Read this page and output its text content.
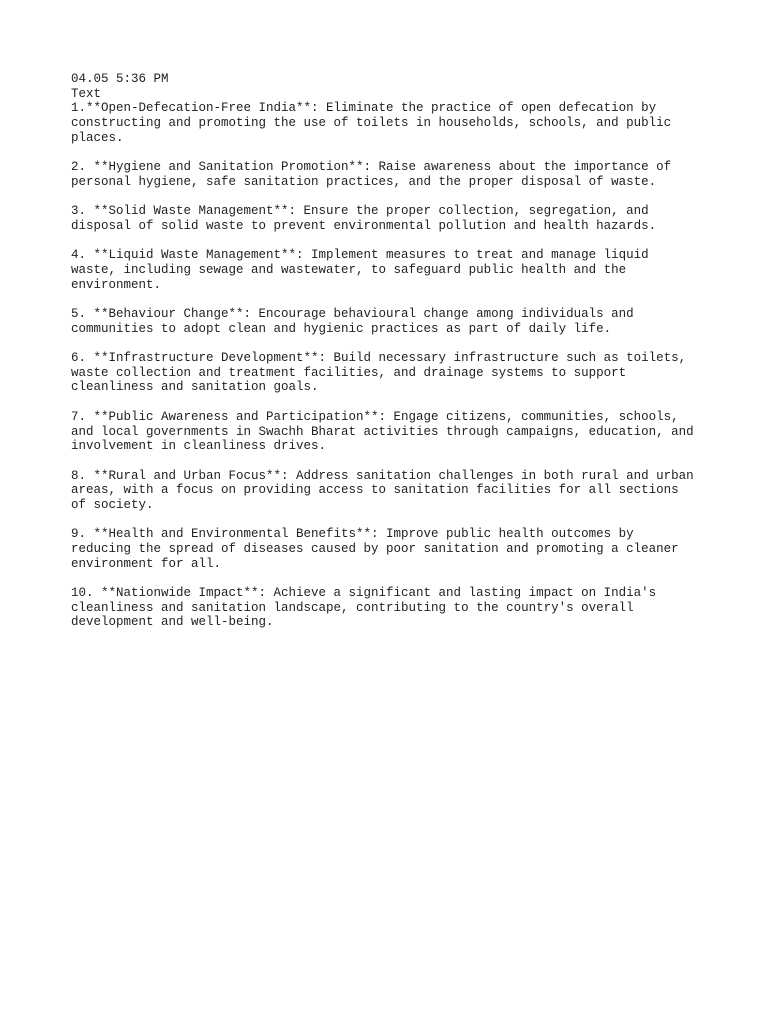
04.05 5:36 PM
Text
1.**Open-Defecation-Free India**: Eliminate the practice of open defecation by
constructing and promoting the use of toilets in households, schools, and public
places.
2. **Hygiene and Sanitation Promotion**: Raise awareness about the importance of
personal hygiene, safe sanitation practices, and the proper disposal of waste.
3. **Solid Waste Management**: Ensure the proper collection, segregation, and
disposal of solid waste to prevent environmental pollution and health hazards.
4. **Liquid Waste Management**: Implement measures to treat and manage liquid
waste, including sewage and wastewater, to safeguard public health and the
environment.
5. **Behaviour Change**: Encourage behavioural change among individuals and
communities to adopt clean and hygienic practices as part of daily life.
6. **Infrastructure Development**: Build necessary infrastructure such as toilets,
waste collection and treatment facilities, and drainage systems to support
cleanliness and sanitation goals.
7. **Public Awareness and Participation**: Engage citizens, communities, schools,
and local governments in Swachh Bharat activities through campaigns, education, and
involvement in cleanliness drives.
8. **Rural and Urban Focus**: Address sanitation challenges in both rural and urban
areas, with a focus on providing access to sanitation facilities for all sections
of society.
9. **Health and Environmental Benefits**: Improve public health outcomes by
reducing the spread of diseases caused by poor sanitation and promoting a cleaner
environment for all.
10. **Nationwide Impact**: Achieve a significant and lasting impact on India's
cleanliness and sanitation landscape, contributing to the country's overall
development and well-being.
